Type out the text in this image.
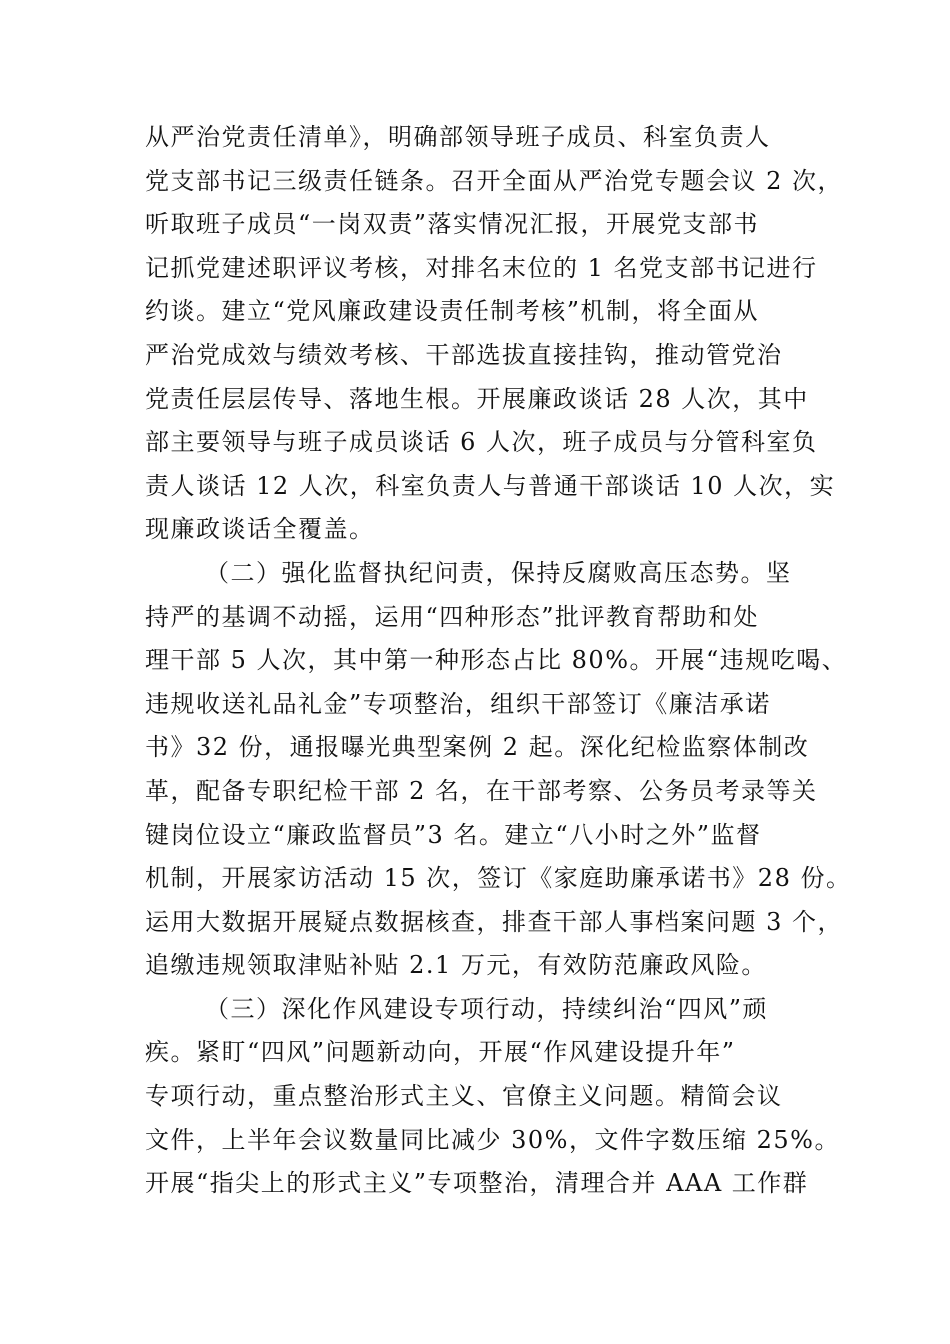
从严治党责任清单》，明确部领导班子成员、科室负责人
党支部书记三级责任链条。召开全面从严治党专题会议 2 次，
听取班子成员“一岗双责”落实情况汇报，开展党支部书
记抓党建述职评议考核，对排名末位的 1 名党支部书记进行
约谈。建立“党风廉政建设责任制考核”机制，将全面从
严治党成效与绩效考核、干部选拔直接挂钩，推动管党治
党责任层层传导、落地生根。开展廉政谈话 28 人次，其中
部主要领导与班子成员谈话 6 人次，班子成员与分管科室负
责人谈话 12 人次，科室负责人与普通干部谈话 10 人次，实
现廉政谈话全覆盖。
（二）强化监督执纪问责，保持反腐败高压态势。坚
持严的基调不动摇，运用“四种形态”批评教育帮助和处
理干部 5 人次，其中第一种形态占比 80%。开展“违规吃喝、
违规收送礼品礼金”专项整治，组织干部签订《廉洁承诺
书》32 份，通报曝光典型案例 2 起。深化纪检监察体制改
革，配备专职纪检干部 2 名，在干部考察、公务员考录等关
键岗位设立“廉政监督员”3 名。建立“八小时之外”监督
机制，开展家访活动 15 次，签订《家庭助廉承诺书》28 份。
运用大数据开展疑点数据核查，排查干部人事档案问题 3 个，
追缴违规领取津贴补贴 2.1 万元，有效防范廉政风险。
（三）深化作风建设专项行动，持续纠治“四风”顽
疾。紧盯“四风”问题新动向，开展“作风建设提升年”
专项行动，重点整治形式主义、官僚主义问题。精简会议
文件，上半年会议数量同比减少 30%，文件字数压缩 25%。
开展“指尖上的形式主义”专项整治，清理合并 AAA 工作群
